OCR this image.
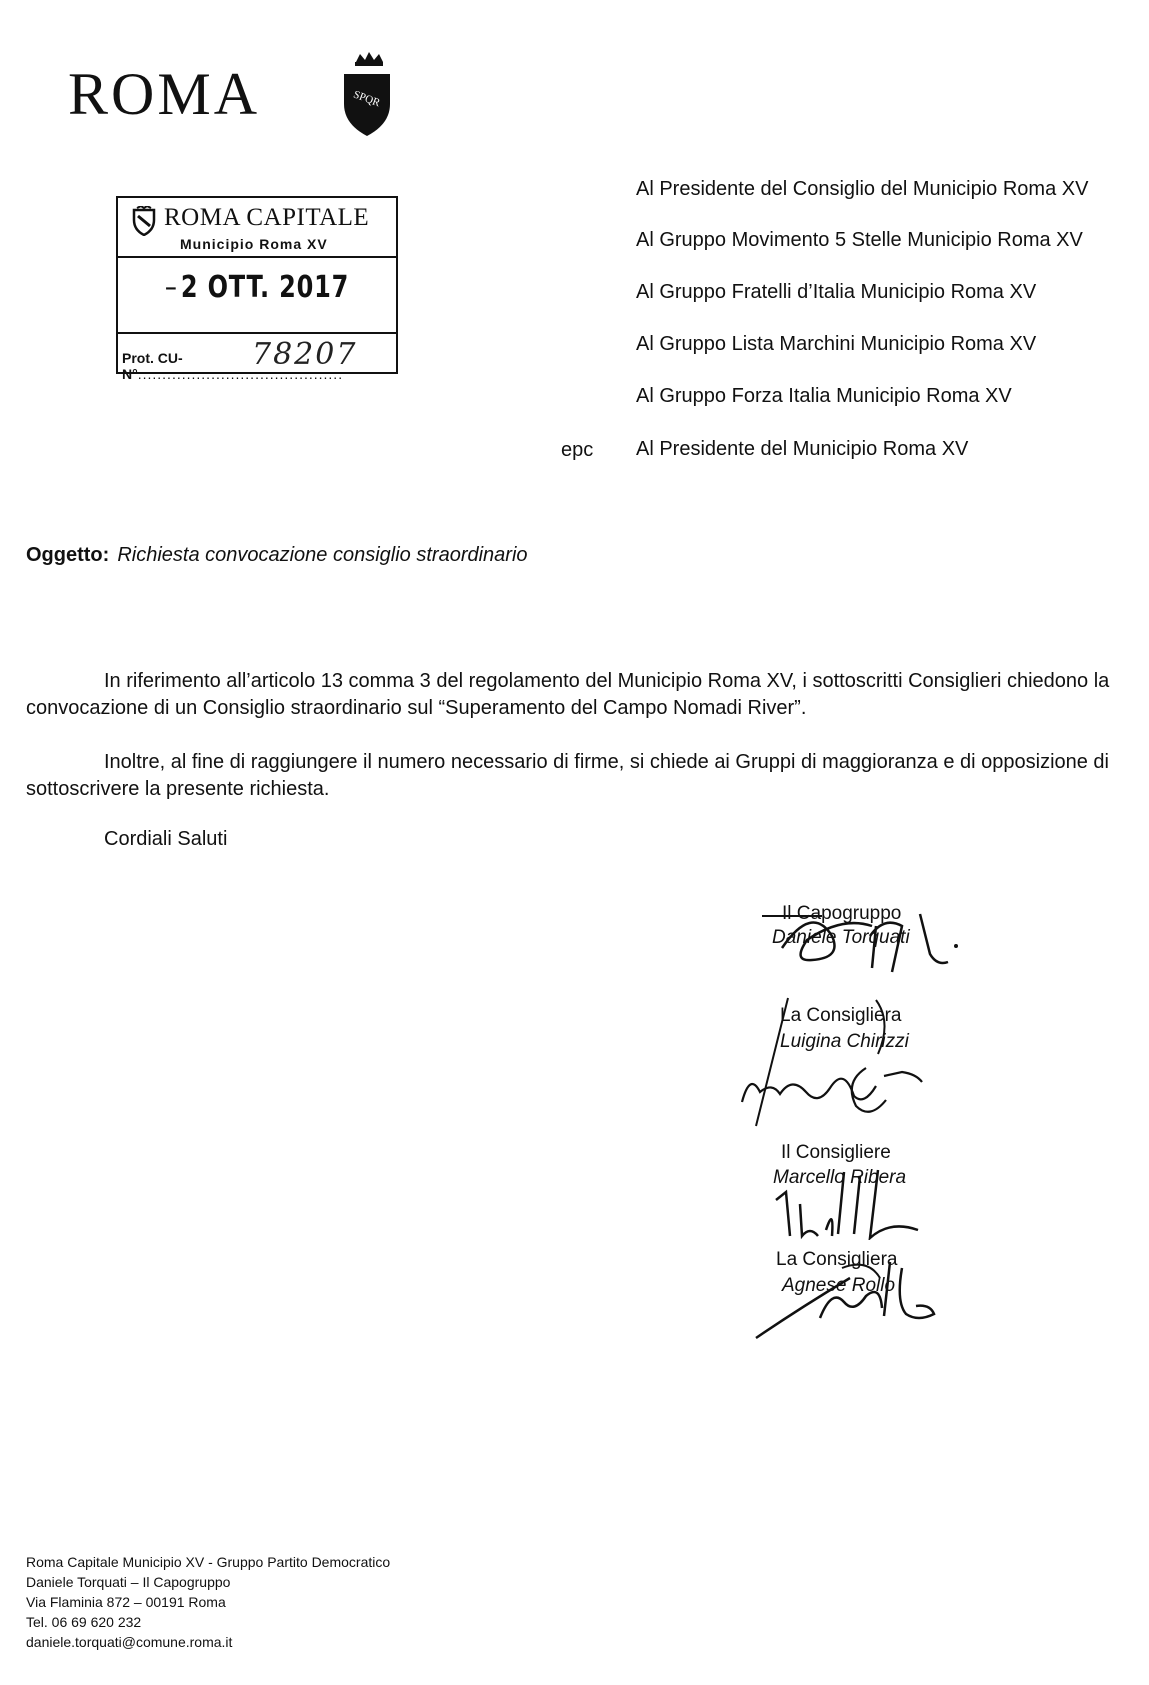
ROMA	SPQR
ROMA CAPITALE
Municipio Roma XV
– 2 OTT. 2017
Prot. CU-N°..........................................
78207
Al Presidente del Consiglio del Municipio Roma XV
Al Gruppo Movimento 5 Stelle Municipio Roma XV
Al Gruppo Fratelli d’Italia Municipio Roma XV
Al Gruppo Lista Marchini Municipio Roma XV
Al Gruppo Forza Italia Municipio Roma XV
epc Al Presidente del Municipio Roma XV
Oggetto: Richiesta convocazione consiglio straordinario
In riferimento all’articolo 13 comma 3 del regolamento del Municipio Roma XV, i sottoscritti Consiglieri chiedono la convocazione di un Consiglio straordinario sul “Superamento del Campo Nomadi River”.
Inoltre, al fine di raggiungere il numero necessario di firme, si chiede ai Gruppi di maggioranza e di opposizione di sottoscrivere la presente richiesta.
Cordiali Saluti
Il Capogruppo
Daniele Torquati
La Consigliera
Luigina Chirizzi
Il Consigliere
Marcello Ribera
La Consigliera
Agnese Rollo
Roma Capitale Municipio XV - Gruppo Partito Democratico
Daniele Torquati – Il Capogruppo
Via Flaminia 872 – 00191 Roma
Tel. 06 69 620 232
daniele.torquati@comune.roma.it
